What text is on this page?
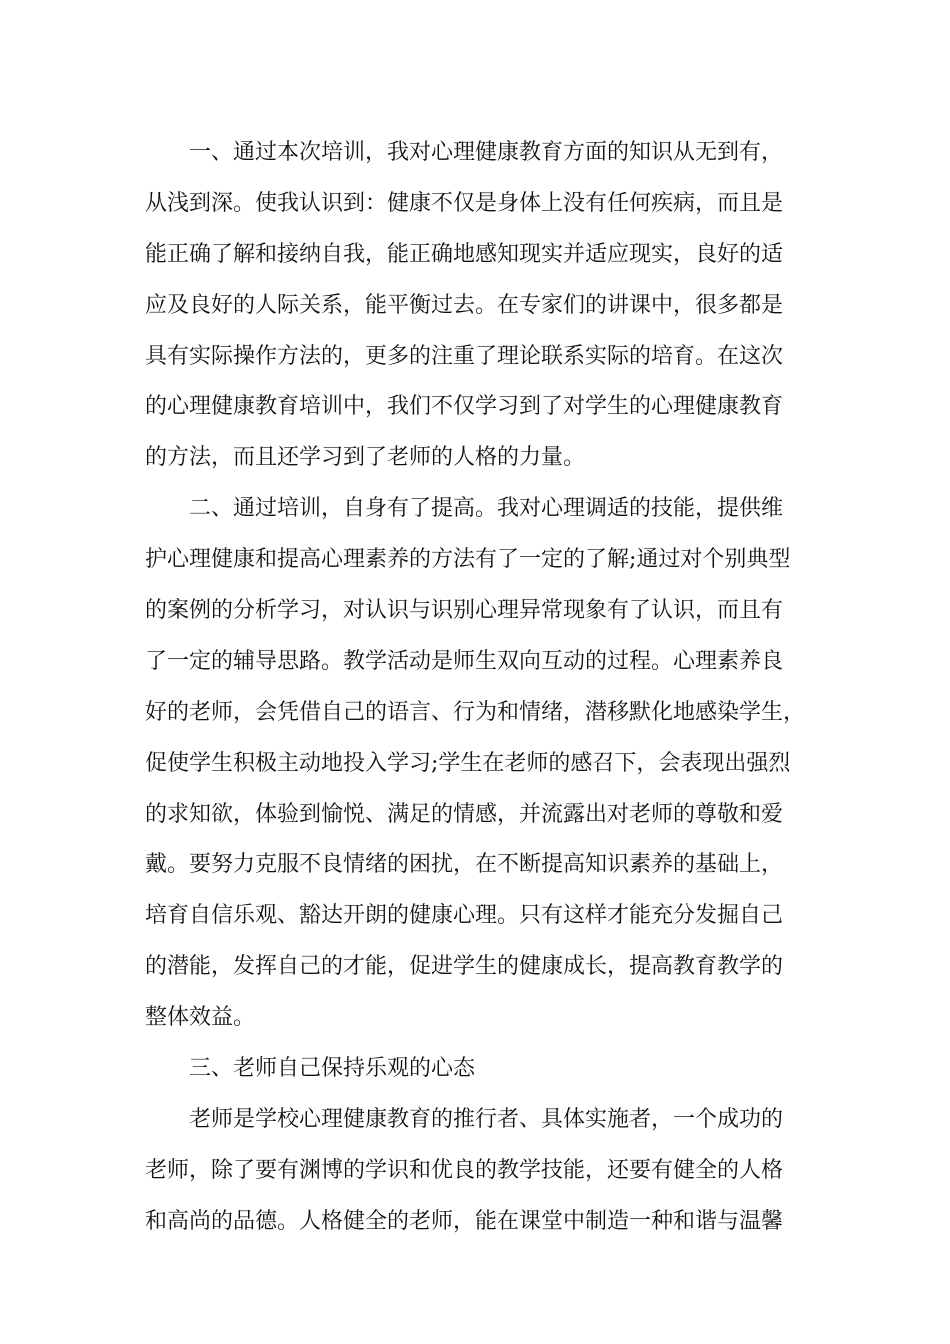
一、通过本次培训，我对心理健康教育方面的知识从无到有，
从浅到深。使我认识到：健康不仅是身体上没有任何疾病，而且是
能正确了解和接纳自我，能正确地感知现实并适应现实，良好的适
应及良好的人际关系，能平衡过去。在专家们的讲课中，很多都是
具有实际操作方法的，更多的注重了理论联系实际的培育。在这次
的心理健康教育培训中，我们不仅学习到了对学生的心理健康教育
的方法，而且还学习到了老师的人格的力量。
二、通过培训，自身有了提高。我对心理调适的技能，提供维
护心理健康和提高心理素养的方法有了一定的了解;通过对个别典型
的案例的分析学习，对认识与识别心理异常现象有了认识，而且有
了一定的辅导思路。教学活动是师生双向互动的过程。心理素养良
好的老师，会凭借自己的语言、行为和情绪，潜移默化地感染学生，
促使学生积极主动地投入学习;学生在老师的感召下，会表现出强烈
的求知欲，体验到愉悦、满足的情感，并流露出对老师的尊敬和爱
戴。要努力克服不良情绪的困扰，在不断提高知识素养的基础上，
培育自信乐观、豁达开朗的健康心理。只有这样才能充分发掘自己
的潜能，发挥自己的才能，促进学生的健康成长，提高教育教学的
整体效益。
三、老师自己保持乐观的心态
老师是学校心理健康教育的推行者、具体实施者，一个成功的
老师，除了要有渊博的学识和优良的教学技能，还要有健全的人格
和高尚的品德。人格健全的老师，能在课堂中制造一种和谐与温馨
